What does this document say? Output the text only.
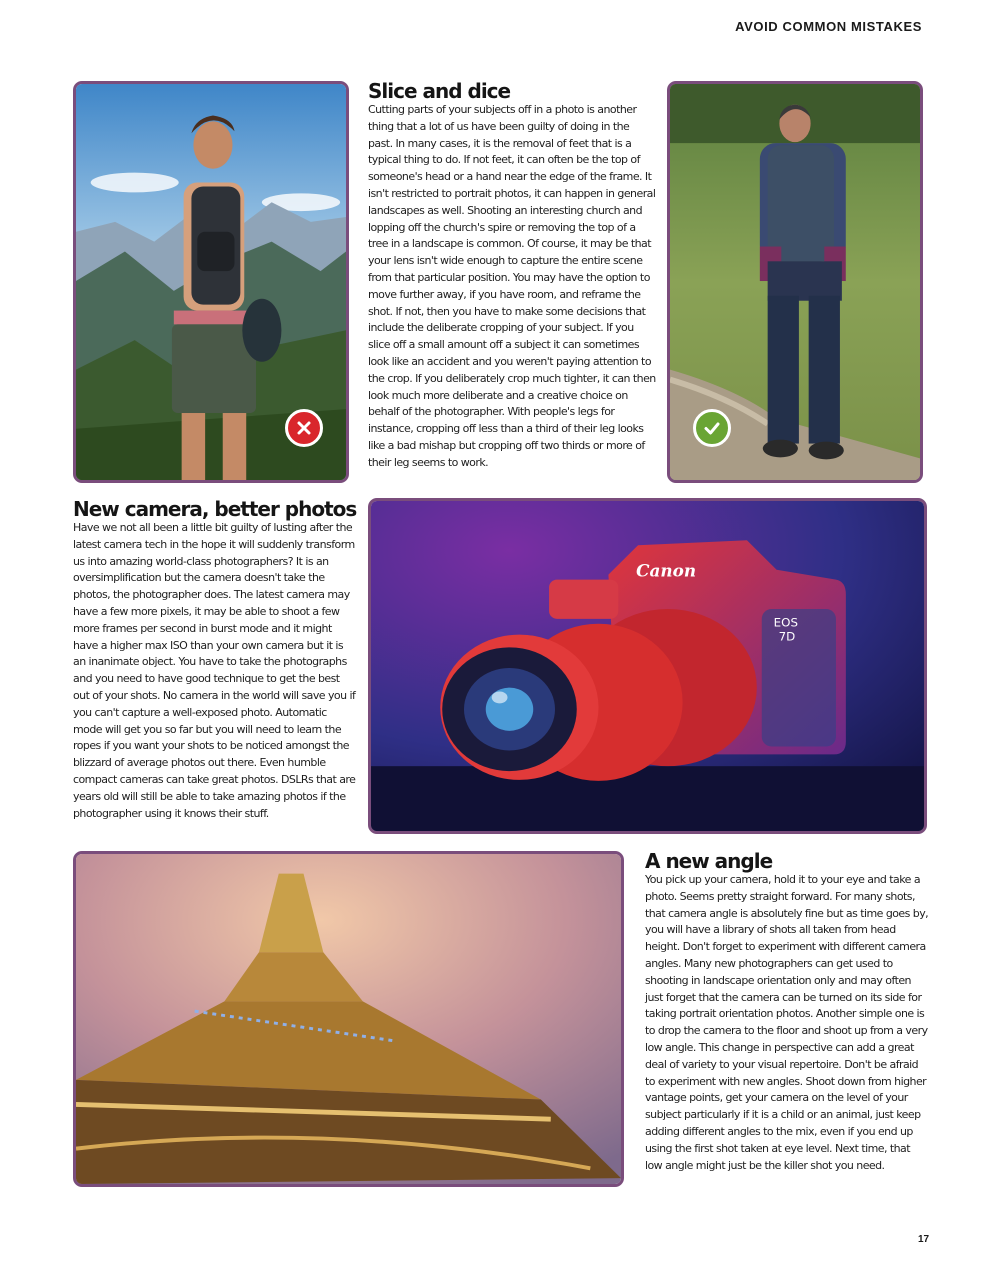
AVOID COMMON MISTAKES
Slice and dice

Cutting parts of your subjects off in a photo is another thing that a lot of us have been guilty of doing in the past. In many cases, it is the removal of feet that is a typical thing to do. If not feet, it can often be the top of someone's head or a hand near the edge of the frame. It isn't restricted to portrait photos, it can happen in general landscapes as well. Shooting an interesting church and lopping off the church's spire or removing the top of a tree in a landscape is common. Of course, it may be that your lens isn't wide enough to capture the entire scene from that particular position. You may have the option to move further away, if you have room, and reframe the shot. If not, then you have to make some decisions that include the deliberate cropping of your subject. If you slice off a small amount off a subject it can sometimes look like an accident and you weren't paying attention to the crop. If you deliberately crop much tighter, it can then look much more deliberate and a creative choice on behalf of the photographer. With people's legs for instance, cropping off less than a third of their leg looks like a bad mishap but cropping off two thirds or more of their leg seems to work.

New camera, better photos

Have we not all been a little bit guilty of lusting after the latest camera tech in the hope it will suddenly transform us into amazing world-class photographers? It is an oversimplification but the camera doesn't take the photos, the photographer does. The latest camera may have a few more pixels, it may be able to shoot a few more frames per second in burst mode and it might have a higher max ISO than your own camera but it is an inanimate object. You have to take the photographs and you need to have good technique to get the best out of your shots. No camera in the world will save you if you can't capture a well-exposed photo. Automatic mode will get you so far but you will need to learn the ropes if you want your shots to be noticed amongst the blizzard of average photos out there. Even humble compact cameras can take great photos. DSLRs that are years old will still be able to take amazing photos if the photographer using it knows their stuff.

Canon
EOS
7D
A new angle

You pick up your camera, hold it to your eye and take a photo. Seems pretty straight forward. For many shots, that camera angle is absolutely fine but as time goes by, you will have a library of shots all taken from head height. Don't forget to experiment with different camera angles. Many new photographers can get used to shooting in landscape orientation only and may often just forget that the camera can be turned on its side for taking portrait orientation photos. Another simple one is to drop the camera to the floor and shoot up from a very low angle. This change in perspective can add a great deal of variety to your visual repertoire. Don't be afraid to experiment with new angles. Shoot down from higher vantage points, get your camera on the level of your subject particularly if it is a child or an animal, just keep adding different angles to the mix, even if you end up using the first shot taken at eye level. Next time, that low angle might just be the killer shot you need.

17
